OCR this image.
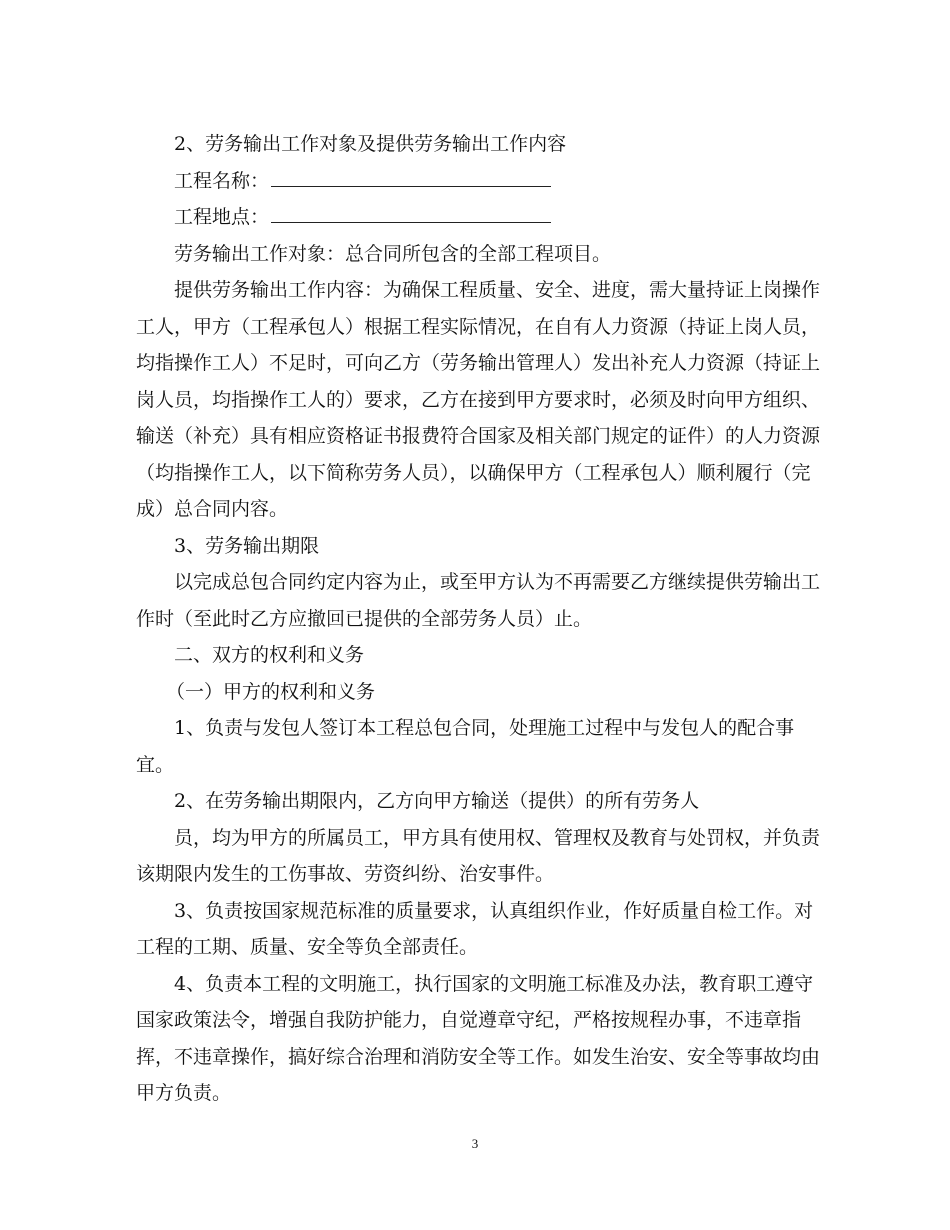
2、劳务输出工作对象及提供劳务输出工作内容

工程名称：

工程地点：

劳务输出工作对象：总合同所包含的全部工程项目。

提供劳务输出工作内容：为确保工程质量、安全、进度，需大量持证上岗操作

工人，甲方（工程承包人）根据工程实际情况，在自有人力资源（持证上岗人员，

均指操作工人）不足时，可向乙方（劳务输出管理人）发出补充人力资源（持证上

岗人员，均指操作工人的）要求，乙方在接到甲方要求时，必须及时向甲方组织、

输送（补充）具有相应资格证书报费符合国家及相关部门规定的证件）的人力资源

（均指操作工人，以下简称劳务人员），以确保甲方（工程承包人）顺利履行（完

成）总合同内容。

3、劳务输出期限

以完成总包合同约定内容为止，或至甲方认为不再需要乙方继续提供劳输出工

作时（至此时乙方应撤回已提供的全部劳务人员）止。

二、双方的权利和义务

（一）甲方的权利和义务

1、负责与发包人签订本工程总包合同，处理施工过程中与发包人的配合事

宜。

2、在劳务输出期限内，乙方向甲方输送（提供）的所有劳务人

员，均为甲方的所属员工，甲方具有使用权、管理权及教育与处罚权，并负责

该期限内发生的工伤事故、劳资纠纷、治安事件。

3、负责按国家规范标准的质量要求，认真组织作业，作好质量自检工作。对

工程的工期、质量、安全等负全部责任。

4、负责本工程的文明施工，执行国家的文明施工标准及办法，教育职工遵守

国家政策法令，增强自我防护能力，自觉遵章守纪，严格按规程办事，不违章指

挥，不违章操作，搞好综合治理和消防安全等工作。如发生治安、安全等事故均由

甲方负责。

3
